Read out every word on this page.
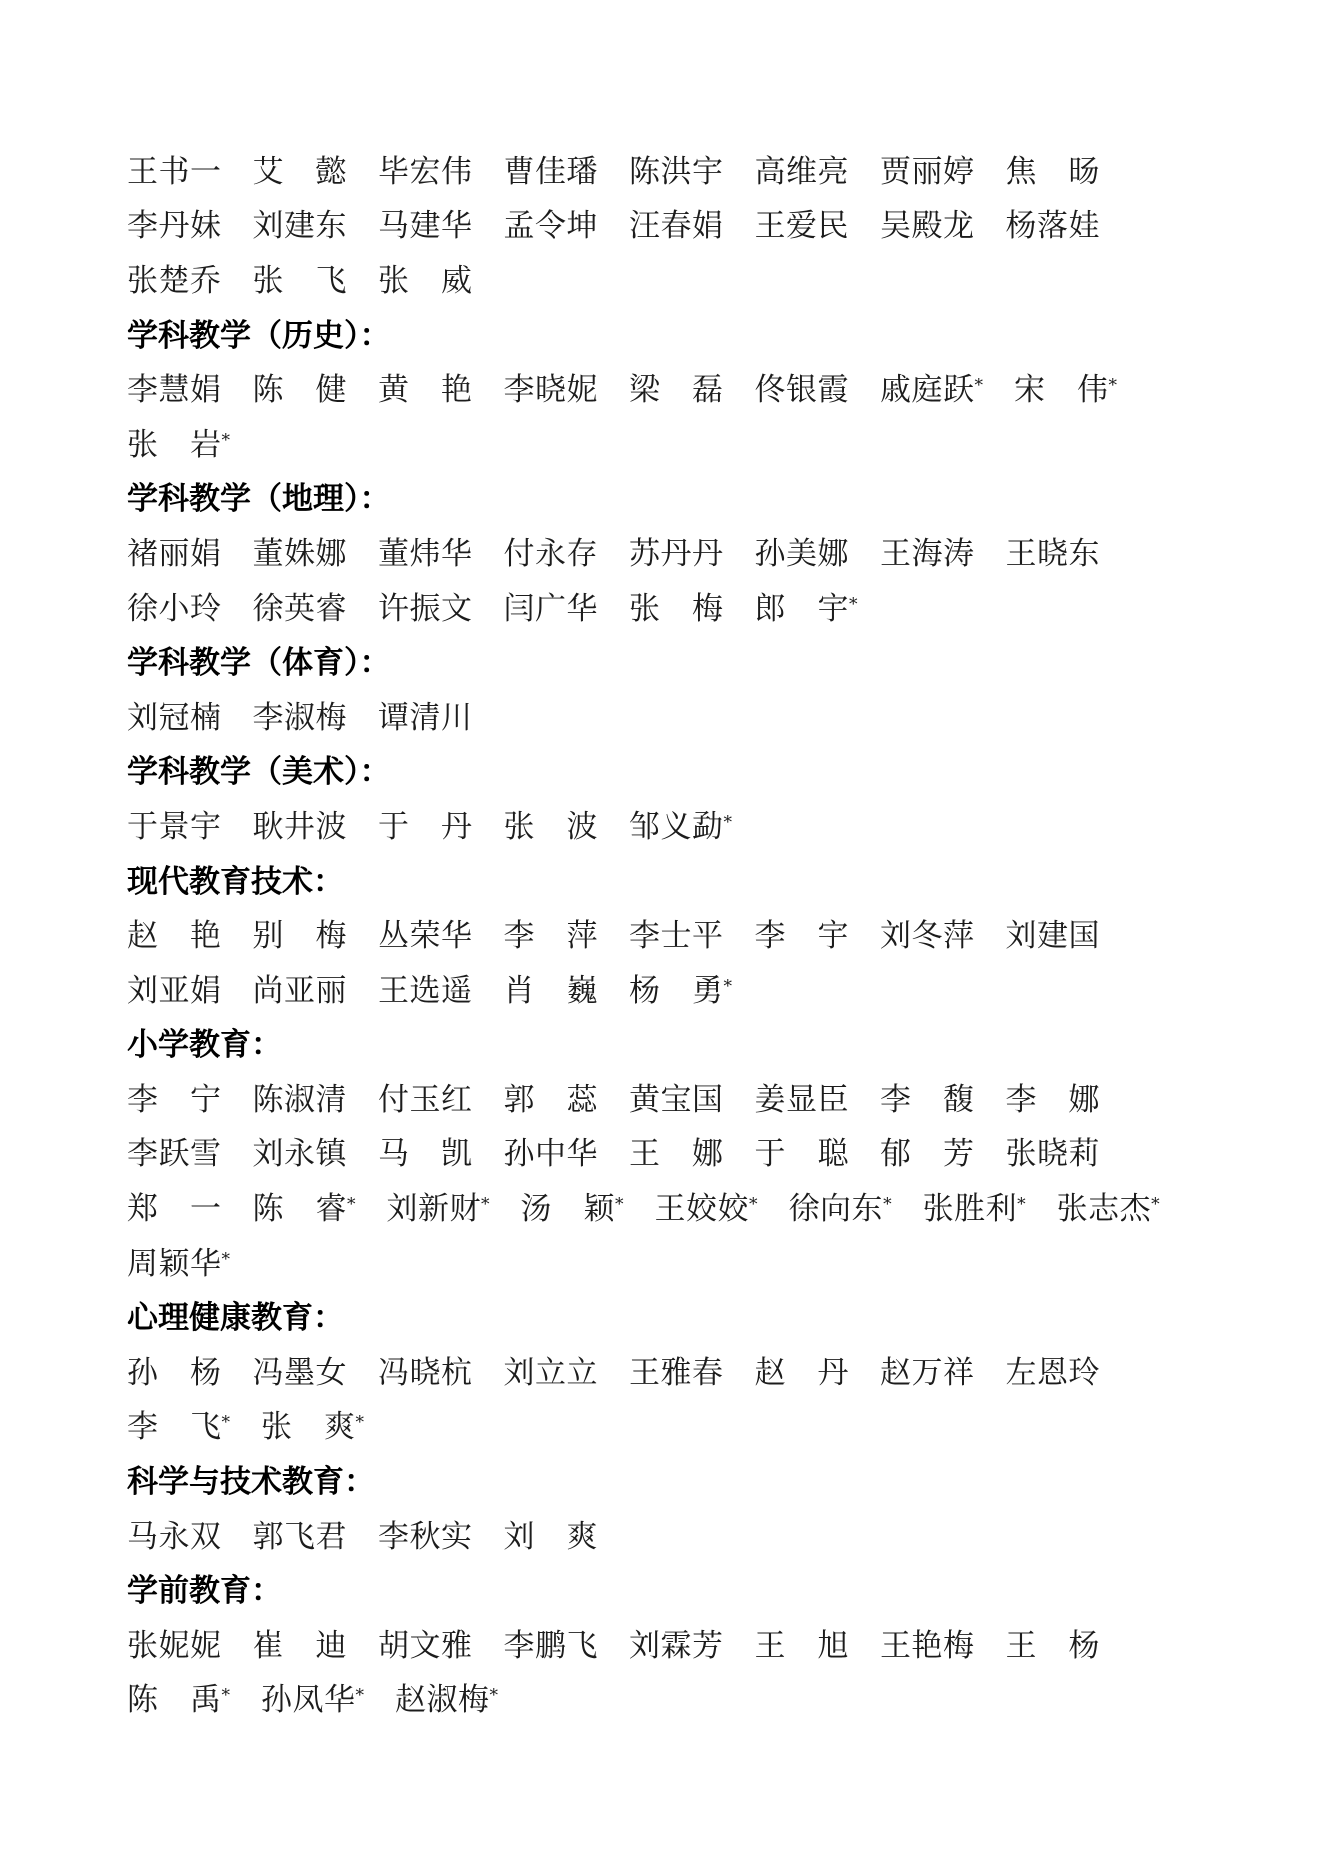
王书一 艾　懿 毕宏伟 曹佳璠 陈洪宇 高维亮 贾丽婷 焦　旸
李丹妹 刘建东 马建华 孟令坤 汪春娟 王爱民 吴殿龙 杨落娃
张楚乔 张　飞 张　威
学科教学（历史）：
李慧娟 陈　健 黄　艳 李晓妮 梁　磊 佟银霞 戚庭跃* 宋　伟*
张　岩*
学科教学（地理）：
褚丽娟 董姝娜 董炜华 付永存 苏丹丹 孙美娜 王海涛 王晓东
徐小玲 徐英睿 许振文 闫广华 张　梅 郎　宇*
学科教学（体育）：
刘冠楠 李淑梅 谭清川
学科教学（美术）：
于景宇 耿井波 于　丹 张　波 邹义勐*
现代教育技术：
赵　艳 别　梅 丛荣华 李　萍 李士平 李　宇 刘冬萍 刘建国
刘亚娟 尚亚丽 王选遥 肖　巍 杨　勇*
小学教育：
李　宁 陈淑清 付玉红 郭　蕊 黄宝国 姜显臣 李　馥 李　娜
李跃雪 刘永镇 马　凯 孙中华 王　娜 于　聪 郁　芳 张晓莉
郑　一 陈　睿* 刘新财* 汤　颖* 王姣姣* 徐向东* 张胜利* 张志杰*
周颖华*
心理健康教育：
孙　杨 冯墨女 冯晓杭 刘立立 王雅春 赵　丹 赵万祥 左恩玲
李　飞* 张　爽*
科学与技术教育：
马永双 郭飞君 李秋实 刘　爽
学前教育：
张妮妮 崔　迪 胡文雅 李鹏飞 刘霖芳 王　旭 王艳梅 王　杨
陈　禹* 孙凤华* 赵淑梅*
